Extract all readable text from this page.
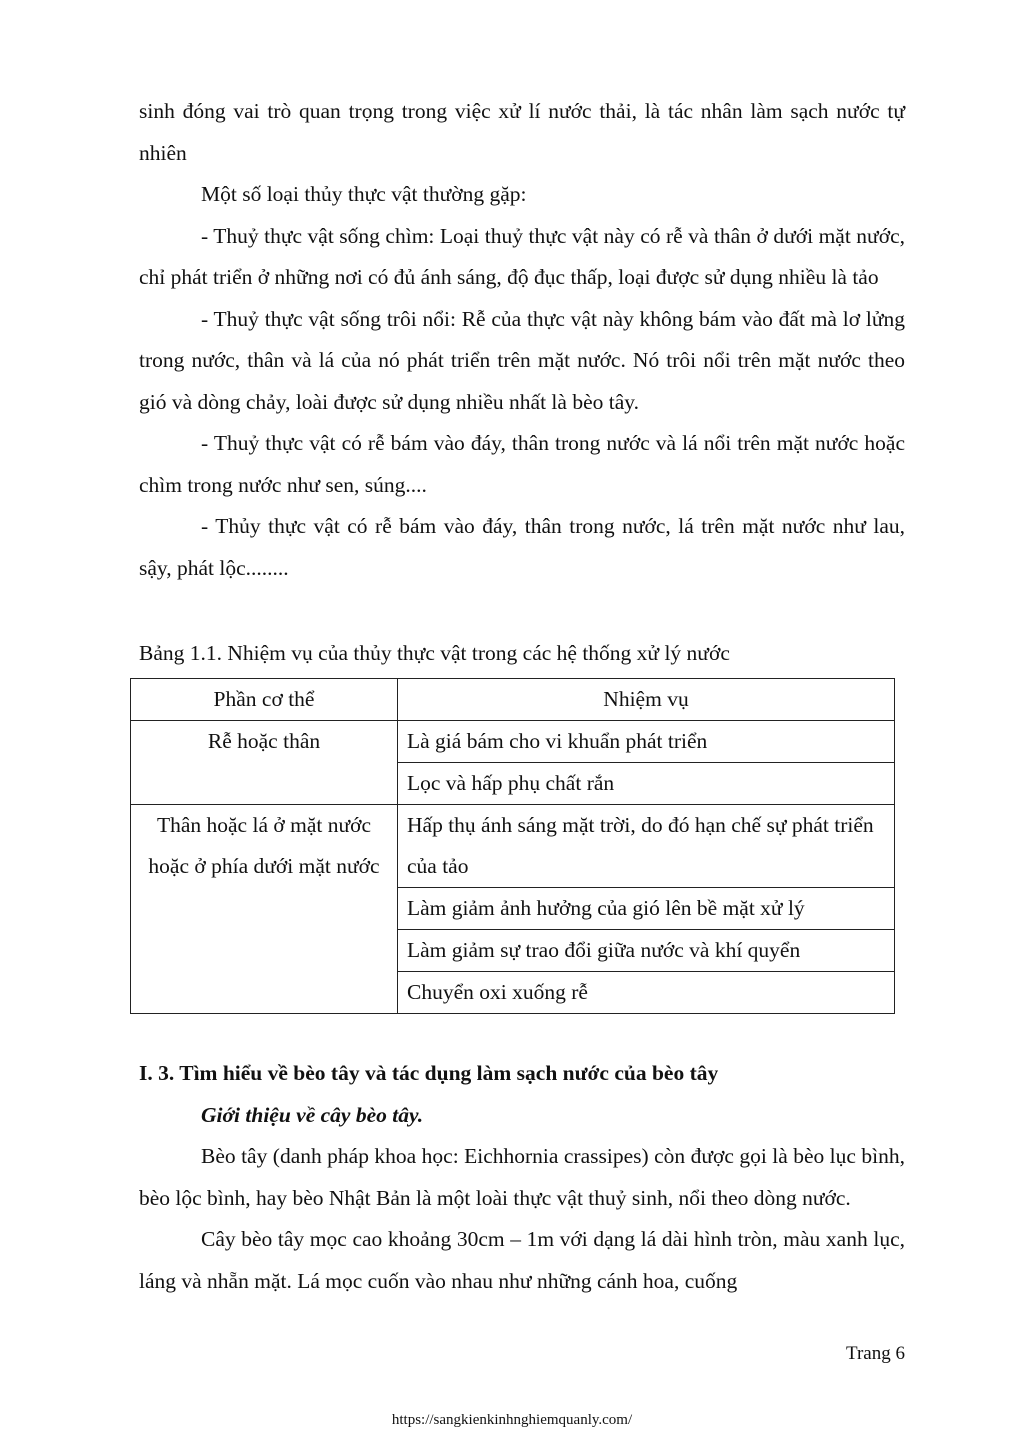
sinh đóng vai trò quan trọng trong việc xử lí nước thải, là tác nhân làm sạch nước tự nhiên

Một số loại thủy thực vật thường gặp:

- Thuỷ thực vật sống chìm: Loại thuỷ thực vật này có rễ và thân ở dưới mặt nước, chỉ phát triển ở những nơi có đủ ánh sáng, độ đục thấp, loại được sử dụng nhiều là tảo

- Thuỷ thực vật sống trôi nổi: Rễ của thực vật này không bám vào đất mà lơ lửng trong nước, thân và lá của nó phát triển trên mặt nước. Nó trôi nổi trên mặt nước theo gió và dòng chảy, loài được sử dụng nhiều nhất là bèo tây.

- Thuỷ thực vật có rễ bám vào đáy, thân trong nước và lá nổi trên mặt nước hoặc chìm trong nước như sen, súng....

- Thủy thực vật có rễ bám vào đáy, thân trong nước, lá trên mặt nước như lau, sậy, phát lộc........

Bảng 1.1. Nhiệm vụ của thủy thực vật trong các hệ thống xử lý nước
Phần cơ thể	Nhiệm vụ
Rễ hoặc thân	Là giá bám cho vi khuẩn phát triển
	Lọc và hấp phụ chất rắn
Thân hoặc lá ở mặt nước hoặc ở phía dưới mặt nước	Hấp thụ ánh sáng mặt trời, do đó hạn chế sự phát triển của tảo
	Làm giảm ảnh hưởng của gió lên bề mặt xử lý
	Làm giảm sự trao đổi giữa nước và khí quyển
	Chuyển oxi xuống rễ

I. 3. Tìm hiểu về bèo tây và tác dụng làm sạch nước của bèo tây

Giới thiệu về cây bèo tây.

Bèo tây (danh pháp khoa học: Eichhornia crassipes) còn được gọi là bèo lục bình, bèo lộc bình, hay bèo Nhật Bản là một loài thực vật thuỷ sinh, nổi theo dòng nước.

Cây bèo tây mọc cao khoảng 30cm – 1m với dạng lá dài hình tròn, màu xanh lục, láng và nhẵn mặt. Lá mọc cuốn vào nhau như những cánh hoa, cuống

Trang 6
https://sangkienkinhnghiemquanly.com/
